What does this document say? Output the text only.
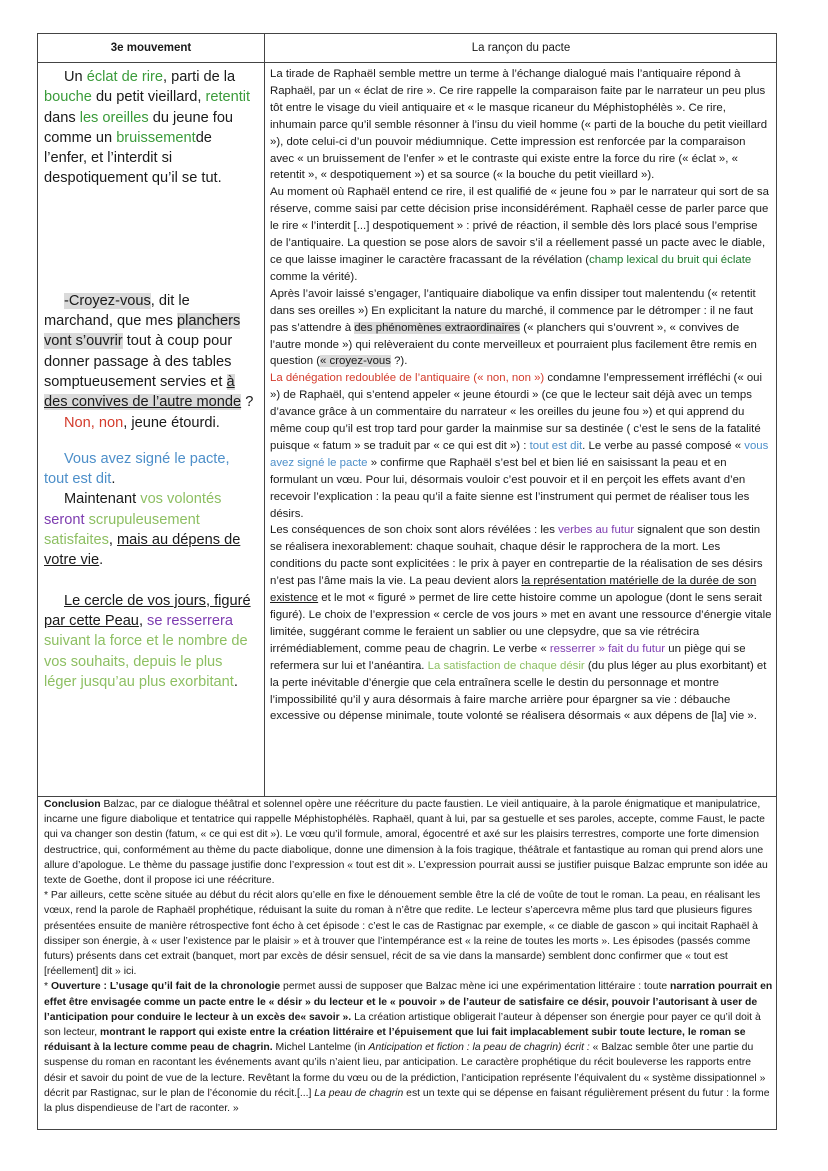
3e mouvement	La rançon du pacte

Un éclat de rire, parti de la bouche du petit vieillard, retentit dans les oreilles du jeune fou comme un bruissementde l’enfer, et l’interdit si despotiquement qu’il se tut.

-Croyez-vous, dit le marchand, que mes planchers vont s’ouvrir tout à coup pour donner passage à des tables somptueusement servies et à des convives de l’autre monde ?

Non, non, jeune étourdi.

Vous avez signé le pacte, tout est dit.

Maintenant vos volontés seront scrupuleusement satisfaites, mais au dépens de votre vie.

Le cercle de vos jours, figuré par cette Peau, se resserrera suivant la force et le nombre de vos souhaits, depuis le plus léger jusqu’au plus exorbitant.

La tirade de Raphaël semble mettre un terme à l’échange dialogué mais l’antiquaire répond à Raphaël, par un « éclat de rire ». Ce rire rappelle la comparaison faite par le narrateur un peu plus tôt entre le visage du vieil antiquaire et « le masque ricaneur du Méphistophélès ». Ce rire, inhumain parce qu’il semble résonner à l’insu du vieil homme (« parti de la bouche du petit vieillard »), dote celui-ci d’un pouvoir médiumnique. Cette impression est renforcée par la comparaison avec « un bruissement de l’enfer » et le contraste qui existe entre la force du rire (« éclat », « retentit », « despotiquement ») et sa source (« la bouche du petit vieillard »).

Au moment où Raphaël entend ce rire, il est qualifié de « jeune fou » par le narrateur qui sort de sa réserve, comme saisi par cette décision prise inconsidérément. Raphaël cesse de parler parce que le rire « l’interdit [...] despotiquement » : privé de réaction, il semble dès lors placé sous l’emprise de l’antiquaire. La question se pose alors de savoir s’il a réellement passé un pacte avec le diable, ce que laisse imaginer le caractère fracassant de la révélation (champ lexical du bruit qui éclate comme la vérité).

Après l’avoir laissé s’engager, l’antiquaire diabolique va enfin dissiper tout malentendu (« retentit dans ses oreilles ») En explicitant la nature du marché, il commence par le détromper : il ne faut pas s’attendre à des phénomènes extraordinaires (« planchers qui s’ouvrent », « convives de l’autre monde ») qui relèveraient du conte merveilleux et pourraient plus facilement être remis en question (« croyez-vous ?).

La dénégation redoublée de l’antiquaire (« non, non ») condamne l’empressement irréfléchi (« oui ») de Raphaël, qui s’entend appeler « jeune étourdi » (ce que le lecteur sait déjà avec un temps d’avance grâce à un commentaire du narrateur « les oreilles du jeune fou ») et qui apprend du même coup qu’il est trop tard pour garder la mainmise sur sa destinée ( c’est le sens de la fatalité puisque « fatum » se traduit par « ce qui est dit ») : tout est dit. Le verbe au passé composé « vous avez signé le pacte » confirme que Raphaël s’est bel et bien lié en saisissant la peau et en formulant un vœu. Pour lui, désormais vouloir c’est pouvoir et il en perçoit les effets avant d’en recevoir l’explication : la peau qu’il a faite sienne est l’instrument qui permet de réaliser tous les désirs.

Les conséquences de son choix sont alors révélées : les verbes au futur signalent que son destin se réalisera inexorablement: chaque souhait, chaque désir le rapprochera de la mort. Les conditions du pacte sont explicitées : le prix à payer en contrepartie de la réalisation de ses désirs n’est pas l’âme mais la vie. La peau devient alors la représentation matérielle de la durée de son existence et le mot « figuré » permet de lire cette histoire comme un apologue (dont le sens serait figuré). Le choix de l’expression « cercle de vos jours » met en avant une ressource d’énergie vitale limitée, suggérant comme le feraient un sablier ou une clepsydre, que sa vie rétrécira irrémédiablement, comme peau de chagrin. Le verbe « resserrer » fait du futur un piège qui se refermera sur lui et l’anéantira. La satisfaction de chaque désir (du plus léger au plus exorbitant) et la perte inévitable d’énergie que cela entraînera scelle le destin du personnage et montre l’impossibilité qu’il y aura désormais à faire marche arrière pour épargner sa vie : débauche excessive ou dépense minimale, toute volonté se réalisera désormais « aux dépens de [la] vie ».

Conclusion Balzac, par ce dialogue théâtral et solennel opère une réécriture du pacte faustien. Le vieil antiquaire, à la parole énigmatique et manipulatrice, incarne une figure diabolique et tentatrice qui rappelle Méphistophélès. Raphaël, quant à lui, par sa gestuelle et ses paroles, accepte, comme Faust, le pacte qui va changer son destin (fatum, « ce qui est dit »). Le vœu qu’il formule, amoral, égocentré et axé sur les plaisirs terrestres, comporte une forte dimension destructrice, qui, conformément au thème du pacte diabolique, donne une dimension à la fois tragique, théâtrale et fantastique au roman qui prend alors une allure d’apologue. Le thème du passage justifie donc l’expression « tout est dit ». L’expression pourrait aussi se justifier puisque Balzac emprunte son idée au texte de Goethe, dont il propose ici une réécriture.

* Par ailleurs, cette scène située au début du récit alors qu’elle en fixe le dénouement semble être la clé de voûte de tout le roman. La peau, en réalisant les vœux, rend la parole de Raphaël prophétique, réduisant la suite du roman à n’être que redite. Le lecteur s’apercevra même plus tard que plusieurs figures présentées ensuite de manière rétrospective font écho à cet épisode : c’est le cas de Rastignac par exemple, « ce diable de gascon » qui incitait Raphaël à dissiper son énergie, à « user l’existence par le plaisir » et à trouver que l’intempérance est « la reine de toutes les morts ». Les épisodes (passés comme futurs) présents dans cet extrait (banquet, mort par excès de désir sensuel, récit de sa vie dans la mansarde) semblent donc confirmer que « tout est [réellement] dit » ici.

* Ouverture : L’usage qu’il fait de la chronologie permet aussi de supposer que Balzac mène ici une expérimentation littéraire : toute narration pourrait en effet être envisagée comme un pacte entre le « désir » du lecteur et le « pouvoir » de l’auteur de satisfaire ce désir, pouvoir l’autorisant à user de l’anticipation pour conduire le lecteur à un excès de« savoir ». La création artistique obligerait l’auteur à dépenser son énergie pour payer ce qu’il doit à son lecteur, montrant le rapport qui existe entre la création littéraire et l’épuisement que lui fait implacablement subir toute lecture, le roman se réduisant à la lecture comme peau de chagrin. Michel Lantelme (in Anticipation et fiction : la peau de chagrin) écrit : « Balzac semble ôter une partie du suspense du roman en racontant les événements avant qu’ils n’aient lieu, par anticipation. Le caractère prophétique du récit bouleverse les rapports entre désir et savoir du point de vue de la lecture. Revêtant la forme du vœu ou de la prédiction, l’anticipation représente l’équivalent du « système dissipationnel » décrit par Rastignac, sur le plan de l’économie du récit.[...] La peau de chagrin est un texte qui se dépense en faisant régulièrement présent du futur : la forme la plus dispendieuse de l’art de raconter. »
